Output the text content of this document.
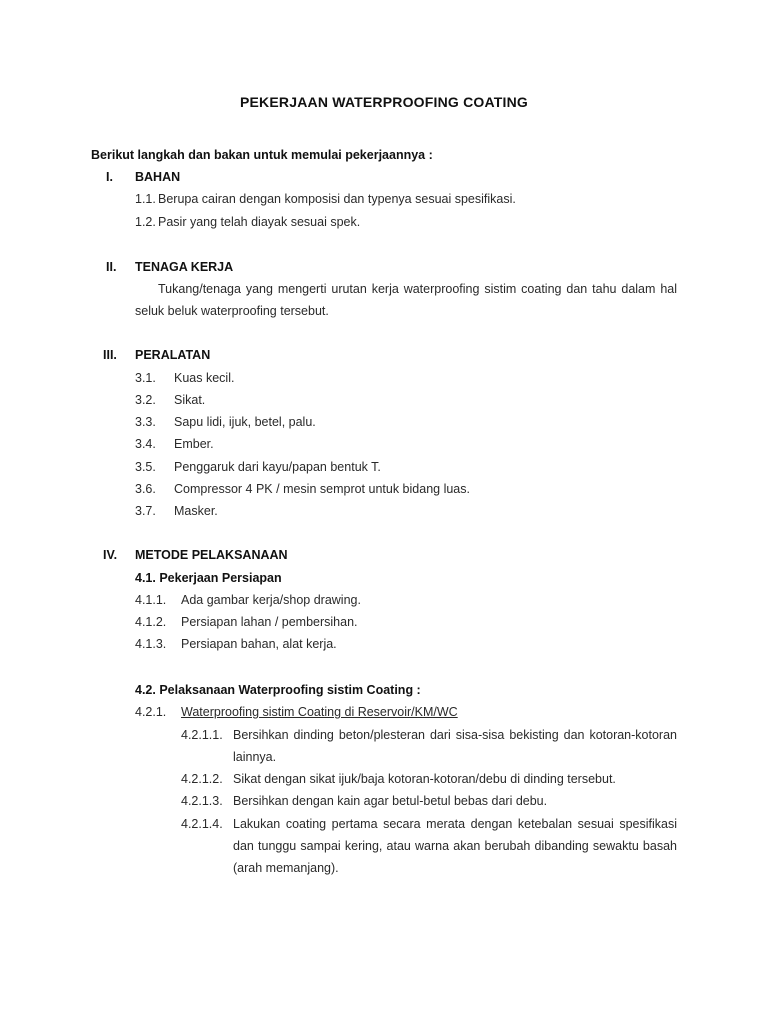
PEKERJAAN WATERPROOFING COATING
Berikut langkah dan bakan untuk memulai pekerjaannya :
I. BAHAN
1.1. Berupa cairan dengan komposisi dan typenya sesuai spesifikasi.
1.2. Pasir yang telah diayak sesuai spek.
II. TENAGA KERJA
Tukang/tenaga yang mengerti urutan kerja waterproofing sistim coating dan tahu dalam hal
seluk beluk waterproofing tersebut.
III. PERALATAN
3.1. Kuas kecil.
3.2. Sikat.
3.3. Sapu lidi, ijuk, betel, palu.
3.4. Ember.
3.5. Penggaruk dari kayu/papan bentuk T.
3.6. Compressor 4 PK / mesin semprot untuk bidang luas.
3.7. Masker.
IV. METODE PELAKSANAAN
4.1. Pekerjaan Persiapan
4.1.1. Ada gambar kerja/shop drawing.
4.1.2. Persiapan lahan / pembersihan.
4.1.3. Persiapan bahan, alat kerja.
4.2. Pelaksanaan Waterproofing sistim Coating :
4.2.1. Waterproofing sistim Coating di Reservoir/KM/WC
4.2.1.1. Bersihkan dinding beton/plesteran dari sisa-sisa bekisting dan kotoran-kotoran
lainnya.
4.2.1.2. Sikat dengan sikat ijuk/baja kotoran-kotoran/debu di dinding tersebut.
4.2.1.3. Bersihkan dengan kain agar betul-betul bebas dari debu.
4.2.1.4. Lakukan coating pertama secara merata dengan ketebalan sesuai spesifikasi
dan tunggu sampai kering, atau warna akan berubah dibanding sewaktu basah
(arah memanjang).
